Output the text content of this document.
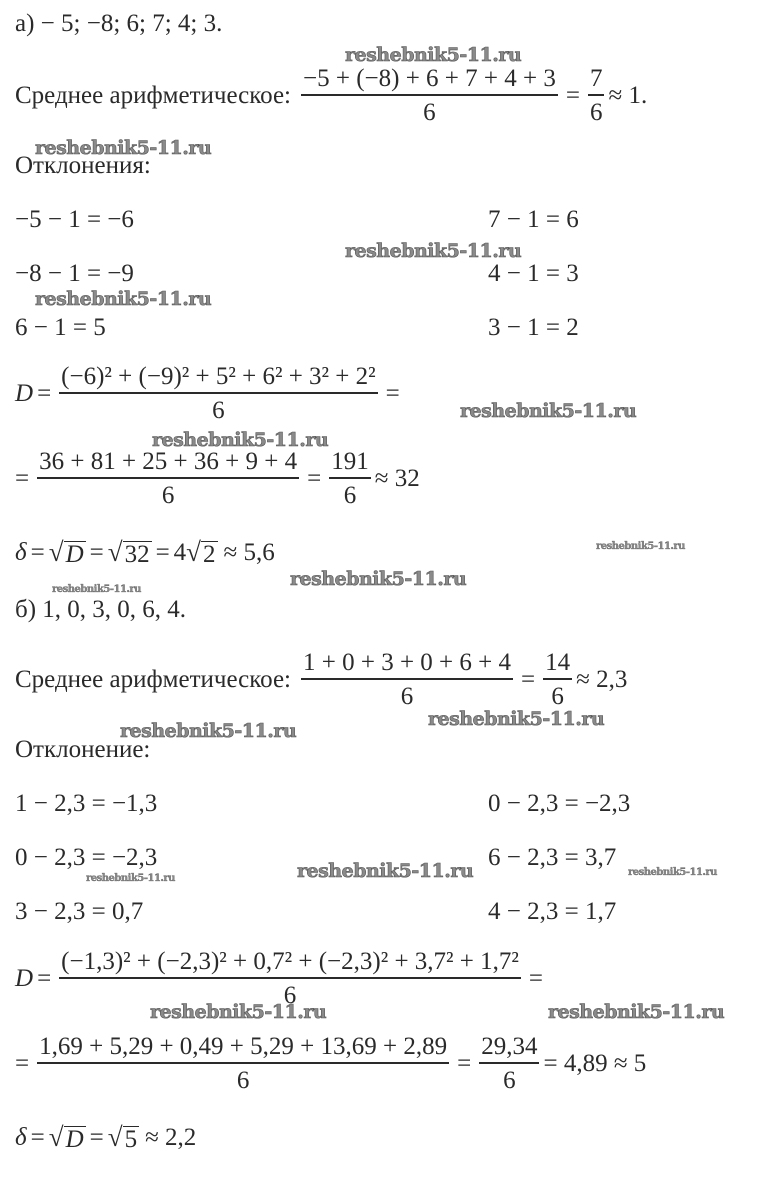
а) − 5; −8; 6; 7; 4; 3.
Среднее арифметическое: $\frac{-5 + (-8) + 6 + 7 + 4 + 3}{6} = \frac{7}{6} \approx 1$.
Отклонения:
−5 − 1 = −6
−8 − 1 = −9
6 − 1 = 5
7 − 1 = 6
4 − 1 = 3
3 − 1 = 2
$D = \frac{\text{(−6)² + (−9)² + 5² + 6² + 3² + 2²}}{6}$ =
= $\frac{36 + 81 + 25 + 36 + 9 + 4}{6} = \frac{191}{6} \approx 32$
δ = √ D = √ 32 = 4 √ 2 ≈ 5,6
б) 1, 0, 3, 0, 6, 4.
Среднее арифметическое: $\frac{1 + 0 + 3 + 0 + 6 + 4}{6} = \frac{14}{6} \approx 2,3$
Отклонение:
1 − 2,3 = −1,3
0 − 2,3 = −2,3
3 − 2,3 = 0,7
0 − 2,3 = −2,3
6 − 2,3 = 3,7
4 − 2,3 = 1,7
$D = \frac{\text{(−1,3)² + (−2,3)² + 0,7² + (−2,3)² + 3,7² + 1,7²}}{6}$ =
= $\frac{1,69 + 5,29 + 0,49 + 5,29 + 13,69 + 2,89}{6} = \frac{29,34}{6} = 4,89 \approx 5$
δ = √ D = √ 5 ≈ 2,2
reshebnik5-11.ru
reshebnik5-11.ru
reshebnik5-11.ru
reshebnik5-11.ru
reshebnik5-11.ru
reshebnik5-11.ru
reshebnik5-11.ru
reshebnik5-11.ru
reshebnik5-11.ru
reshebnik5-11.ru
reshebnik5-11.ru
reshebnik5-11.ru
reshebnik5-11.ru
reshebnik5-11.ru
reshebnik5-11.ru	reshebnik5-11.ru
